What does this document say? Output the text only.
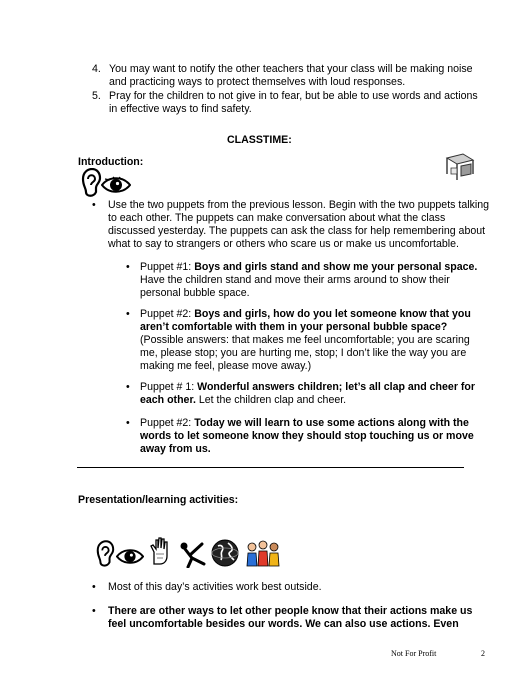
4. You may want to notify the other teachers that your class will be making noise and practicing ways to protect themselves with loud responses.
5. Pray for the children to not give in to fear, but be able to use words and actions in effective ways to find safety.
CLASSTIME:
Introduction:
• Use the two puppets from the previous lesson. Begin with the two puppets talking to each other. The puppets can make conversation about what the class discussed yesterday. The puppets can ask the class for help remembering about what to say to strangers or others who scare us or make us uncomfortable.
• Puppet #1: Boys and girls stand and show me your personal space. Have the children stand and move their arms around to show their personal bubble space.
• Puppet #2: Boys and girls, how do you let someone know that you aren’t comfortable with them in your personal bubble space? (Possible answers: that makes me feel uncomfortable; you are scaring me, please stop; you are hurting me, stop; I don’t like the way you are making me feel, please move away.)
• Puppet # 1: Wonderful answers children; let’s all clap and cheer for each other. Let the children clap and cheer.
• Puppet #2: Today we will learn to use some actions along with the words to let someone know they should stop touching us or move away from us.
Presentation/learning activities:
• Most of this day’s activities work best outside.
• There are other ways to let other people know that their actions make us feel uncomfortable besides our words. We can also use actions. Even
Not For Profit	2
